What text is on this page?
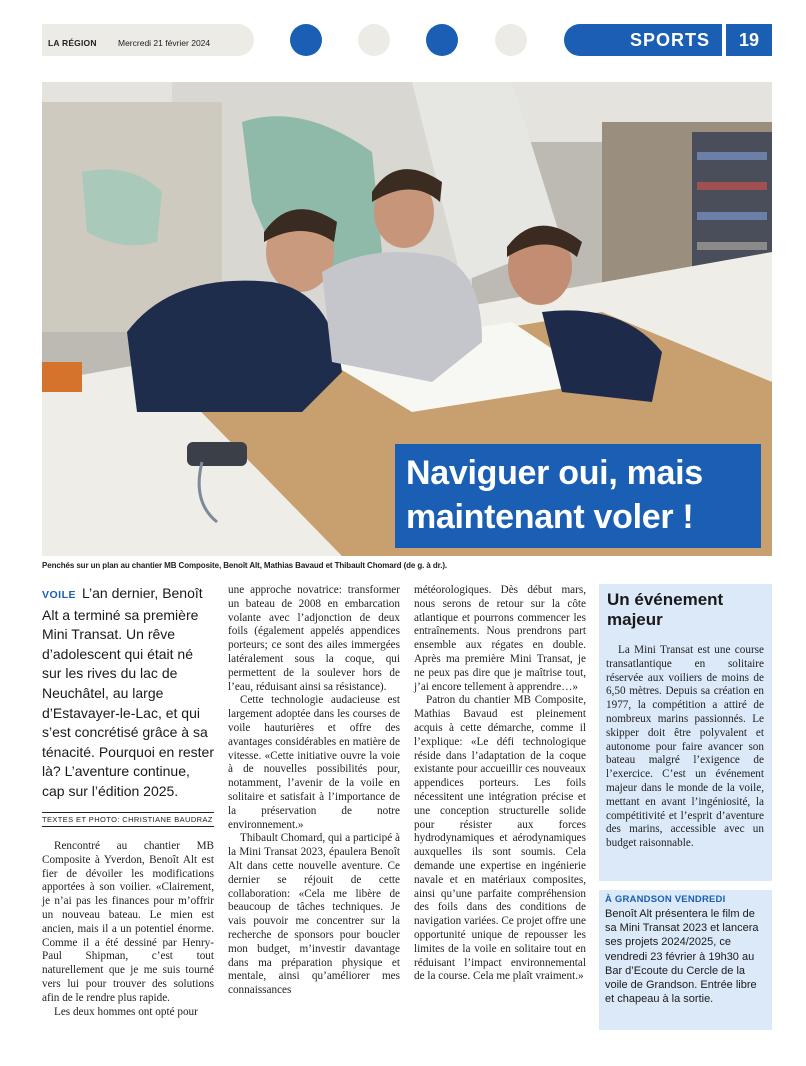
LA RÉGION	Mercredi 21 février 2024	SPORTS	19
Naviguer oui, mais
maintenant voler !
Penchés sur un plan au chantier MB Composite, Benoît Alt, Mathias Bavaud et Thibault Chomard (de g. à dr.).
VOILE L’an dernier, Benoît Alt a terminé sa première Mini Transat. Un rêve d’adolescent qui était né sur les rives du lac de Neuchâtel, au large d’Estavayer-le-Lac, et qui s’est concrétisé grâce à sa ténacité. Pourquoi en rester là? L’aventure continue, cap sur l’édition 2025.
TEXTES ET PHOTO: CHRISTIANE BAUDRAZ

Rencontré au chantier MB Composite à Yverdon, Benoît Alt est fier de dévoiler les modifications apportées à son voilier. «Clairement, je n’ai pas les finances pour m’offrir un nouveau bateau. Le mien est ancien, mais il a un potentiel énorme. Comme il a été dessiné par Henry-Paul Shipman, c’est tout naturellement que je me suis tourné vers lui pour trouver des solutions afin de le rendre plus rapide.

Les deux hommes ont opté pour

une approche novatrice: transformer un bateau de 2008 en embarcation volante avec l’adjonction de deux foils (également appelés appendices porteurs; ce sont des ailes immergées latéralement sous la coque, qui permettent de la soulever hors de l’eau, réduisant ainsi sa résistance).

Cette technologie audacieuse est largement adoptée dans les courses de voile hauturières et offre des avantages considérables en matière de vitesse. «Cette initiative ouvre la voie à de nouvelles possibilités pour, notamment, l’avenir de la voile en solitaire et satisfait à l’importance de la préservation de notre environnement.»

Thibault Chomard, qui a participé à la Mini Transat 2023, épaulera Benoît Alt dans cette nouvelle aventure. Ce dernier se réjouit de cette collaboration: «Cela me libère de beaucoup de tâches techniques. Je vais pouvoir me concentrer sur la recherche de sponsors pour boucler mon budget, m’investir davantage dans ma préparation physique et mentale, ainsi qu’améliorer mes connaissances

météorologiques. Dès début mars, nous serons de retour sur la côte atlantique et pourrons commencer les entraînements. Nous prendrons part ensemble aux régates en double. Après ma première Mini Transat, je ne peux pas dire que je maîtrise tout, j’ai encore tellement à apprendre…»

Patron du chantier MB Composite, Mathias Bavaud est pleinement acquis à cette démarche, comme il l’explique: «Le défi technologique réside dans l’adaptation de la coque existante pour accueillir ces nouveaux appendices porteurs. Les foils nécessitent une intégration précise et une conception structurelle solide pour résister aux forces hydrodynamiques et aérodynamiques auxquelles ils sont soumis. Cela demande une expertise en ingénierie navale et en matériaux composites, ainsi qu’une parfaite compréhension des foils dans des conditions de navigation variées. Ce projet offre une opportunité unique de repousser les limites de la voile en solitaire tout en réduisant l’impact environnemental de la course. Cela me plaît vraiment.»

Un événement majeur

La Mini Transat est une course transatlantique en solitaire réservée aux voiliers de moins de 6,50 mètres. Depuis sa création en 1977, la compétition a attiré de nombreux marins passionnés. Le skipper doit être polyvalent et autonome pour faire avancer son bateau malgré l’exigence de l’exercice. C’est un événement majeur dans le monde de la voile, mettant en avant l’ingéniosité, la compétitivité et l’esprit d’aventure des marins, accessible avec un budget raisonnable.

À GRANDSON VENDREDI
Benoît Alt présentera le film de sa Mini Transat 2023 et lancera ses projets 2024/2025, ce vendredi 23 février à 19h30 au Bar d’Ecoute du Cercle de la voile de Grandson. Entrée libre et chapeau à la sortie.
